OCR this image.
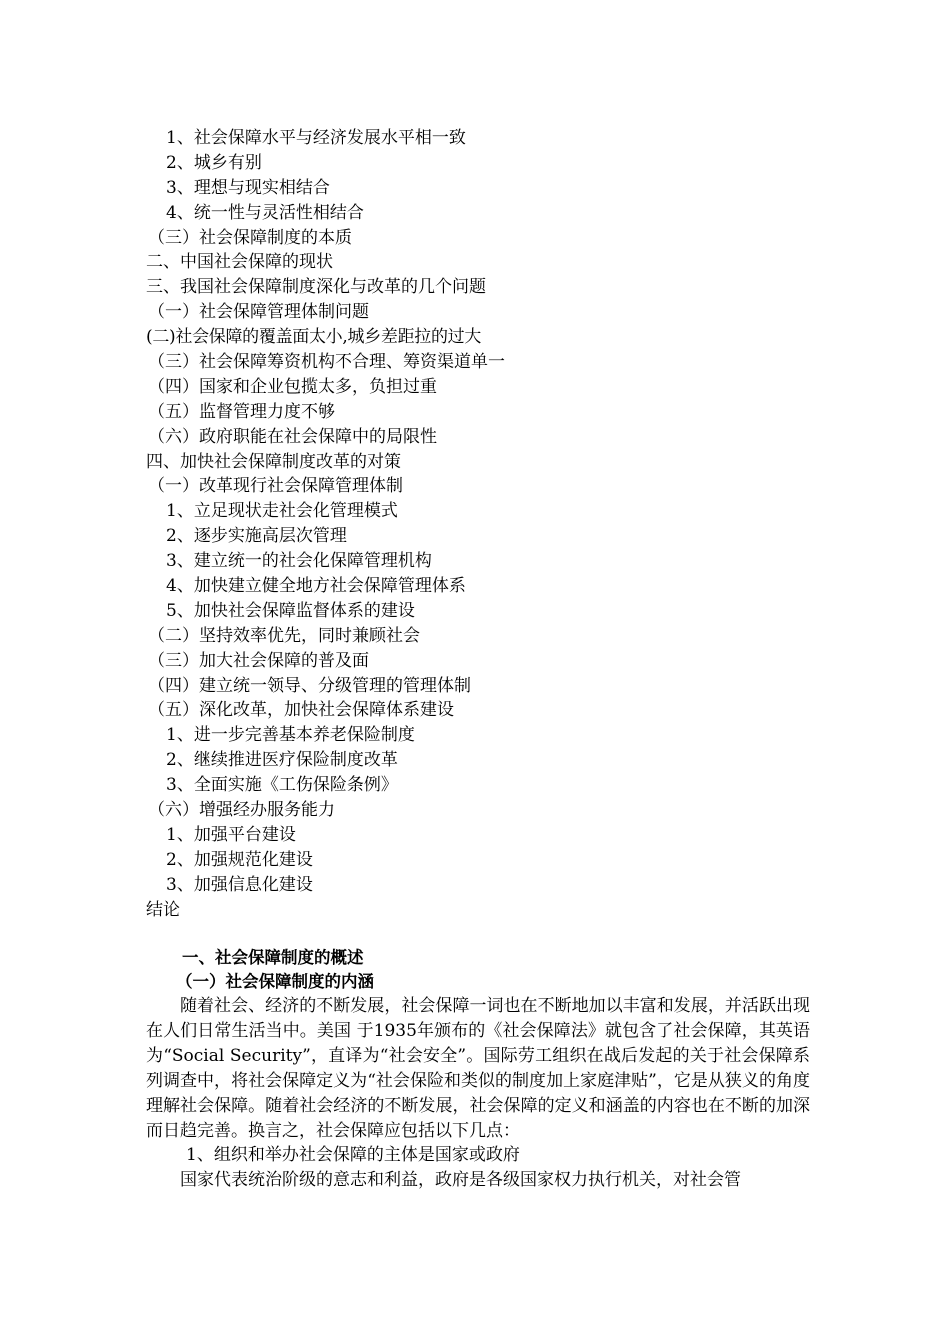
1、社会保障水平与经济发展水平相一致
2、城乡有别
3、理想与现实相结合
4、统一性与灵活性相结合
（三）社会保障制度的本质
二、中国社会保障的现状
三、我国社会保障制度深化与改革的几个问题
（一）社会保障管理体制问题
(二)社会保障的覆盖面太小,城乡差距拉的过大
（三）社会保障筹资机构不合理、筹资渠道单一
（四）国家和企业包揽太多，负担过重
（五）监督管理力度不够
（六）政府职能在社会保障中的局限性
四、加快社会保障制度改革的对策
（一）改革现行社会保障管理体制
1、立足现状走社会化管理模式
2、逐步实施高层次管理
3、建立统一的社会化保障管理机构
4、加快建立健全地方社会保障管理体系
5、加快社会保障监督体系的建设
（二）坚持效率优先，同时兼顾社会
（三）加大社会保障的普及面
（四）建立统一领导、分级管理的管理体制
（五）深化改革，加快社会保障体系建设
1、进一步完善基本养老保险制度
2、继续推进医疗保险制度改革
3、全面实施《工伤保险条例》
（六）增强经办服务能力
1、加强平台建设
2、加强规范化建设
3、加强信息化建设
结论
一、社会保障制度的概述
（一）社会保障制度的内涵

随着社会、经济的不断发展，社会保障一词也在不断地加以丰富和发展，并活跃出现在人们日常生活当中。美国 于1935年颁布的《社会保障法》就包含了社会保障，其英语为“Social Security”，直译为“社会安全”。国际劳工组织在战后发起的关于社会保障系列调查中，将社会保障定义为“社会保险和类似的制度加上家庭津贴”，它是从狭义的角度理解社会保障。随着社会经济的不断发展，社会保障的定义和涵盖的内容也在不断的加深而日趋完善。换言之，社会保障应包括以下几点：

1、组织和举办社会保障的主体是国家或政府

国家代表统治阶级的意志和利益，政府是各级国家权力执行机关，对社会管
